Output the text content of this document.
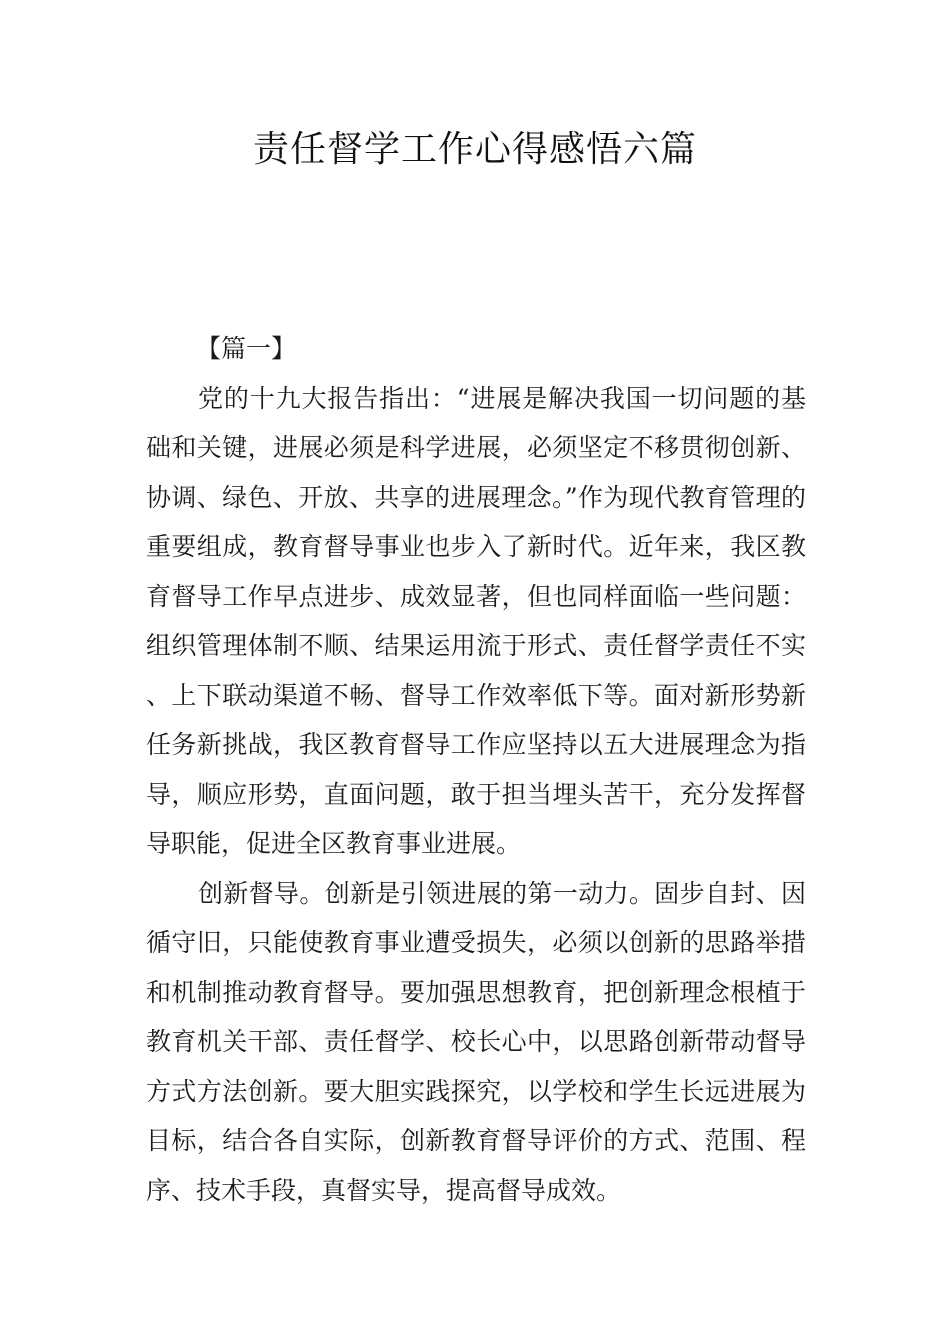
责任督学工作心得感悟六篇
【篇一】

党的十九大报告指出：“进展是解决我国一切问题的基础和关键，进展必须是科学进展，必须坚定不移贯彻创新、协调、绿色、开放、共享的进展理念。”作为现代教育管理的重要组成，教育督导事业也步入了新时代。近年来，我区教育督导工作早点进步、成效显著，但也同样面临一些问题：组织管理体制不顺、结果运用流于形式、责任督学责任不实、上下联动渠道不畅、督导工作效率低下等。面对新形势新任务新挑战，我区教育督导工作应坚持以五大进展理念为指导，顺应形势，直面问题，敢于担当埋头苦干，充分发挥督导职能，促进全区教育事业进展。

创新督导。创新是引领进展的第一动力。固步自封、因循守旧，只能使教育事业遭受损失，必须以创新的思路举措和机制推动教育督导。要加强思想教育，把创新理念根植于教育机关干部、责任督学、校长心中，以思路创新带动督导方式方法创新。要大胆实践探究，以学校和学生长远进展为目标，结合各自实际，创新教育督导评价的方式、范围、程序、技术手段，真督实导，提高督导成效。
